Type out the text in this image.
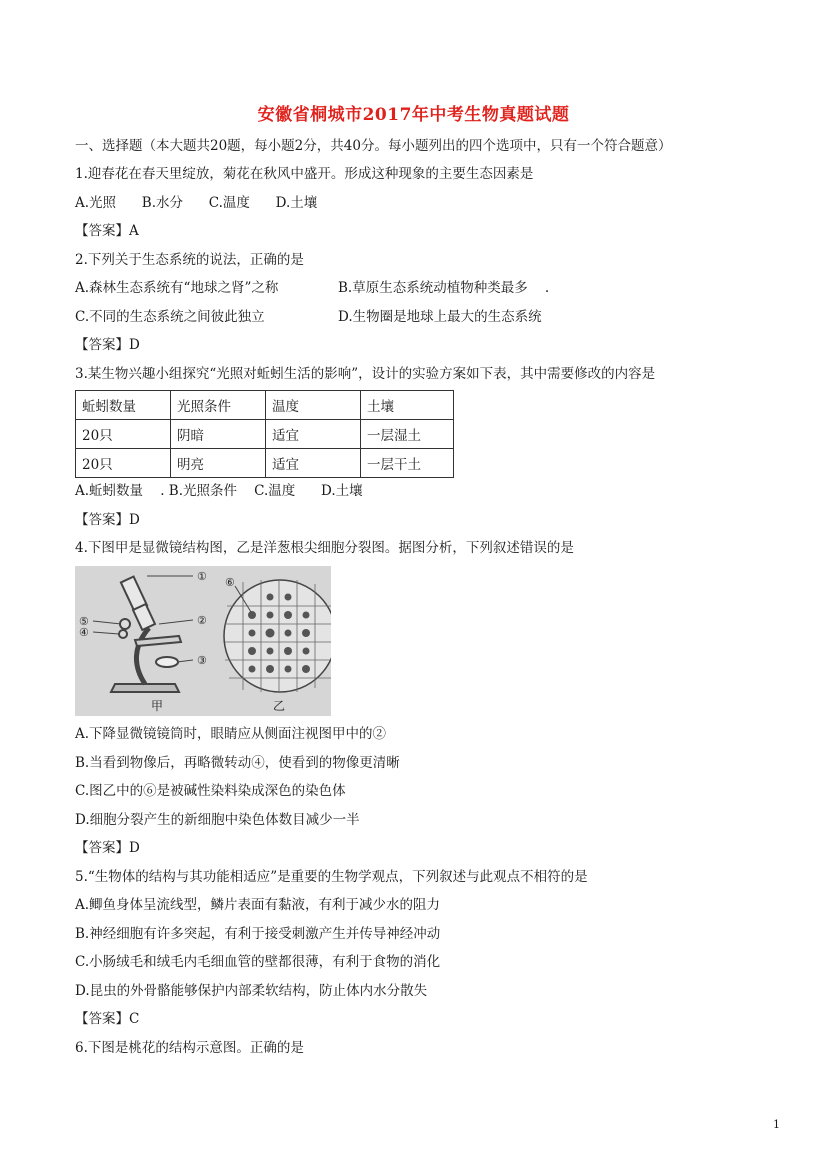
安徽省桐城市2017年中考生物真题试题
一、选择题（本大题共20题，每小题2分，共40分。每小题列出的四个选项中，只有一个符合题意）
1.迎春花在春天里绽放，菊花在秋风中盛开。形成这种现象的主要生态因素是
A.光照      B.水分      C.温度      D.土壤
【答案】A
2.下列关于生态系统的说法，正确的是
A.森林生态系统有“地球之肾”之称	B.草原生态系统动植物种类最多    .
C.不同的生态系统之间彼此独立	D.生物圈是地球上最大的生态系统
【答案】D
3.某生物兴趣小组探究“光照对蚯蚓生活的影响”，设计的实验方案如下表，其中需要修改的内容是
蚯蚓数量	光照条件	温度	土壤
20只	阴暗	适宜	一层湿土
20只	明亮	适宜	一层干土
A.蚯蚓数量    . B.光照条件    C.温度      D.土壤
【答案】D
4.下图甲是显微镜结构图，乙是洋葱根尖细胞分裂图。据图分析，下列叙述错误的是
①
②
③
④
⑤
甲
⑥
乙
A.下降显微镜镜筒时，眼睛应从侧面注视图甲中的②
B.当看到物像后，再略微转动④，使看到的物像更清晰
C.图乙中的⑥是被碱性染料染成深色的染色体
D.细胞分裂产生的新细胞中染色体数目减少一半
【答案】D
5.“生物体的结构与其功能相适应”是重要的生物学观点，下列叙述与此观点不相符的是
A.鲫鱼身体呈流线型，鳞片表面有黏液，有利于减少水的阻力
B.神经细胞有许多突起，有利于接受刺激产生并传导神经冲动
C.小肠绒毛和绒毛内毛细血管的壁都很薄，有利于食物的消化
D.昆虫的外骨骼能够保护内部柔软结构，防止体内水分散失
【答案】C
6.下图是桃花的结构示意图。正确的是
1
